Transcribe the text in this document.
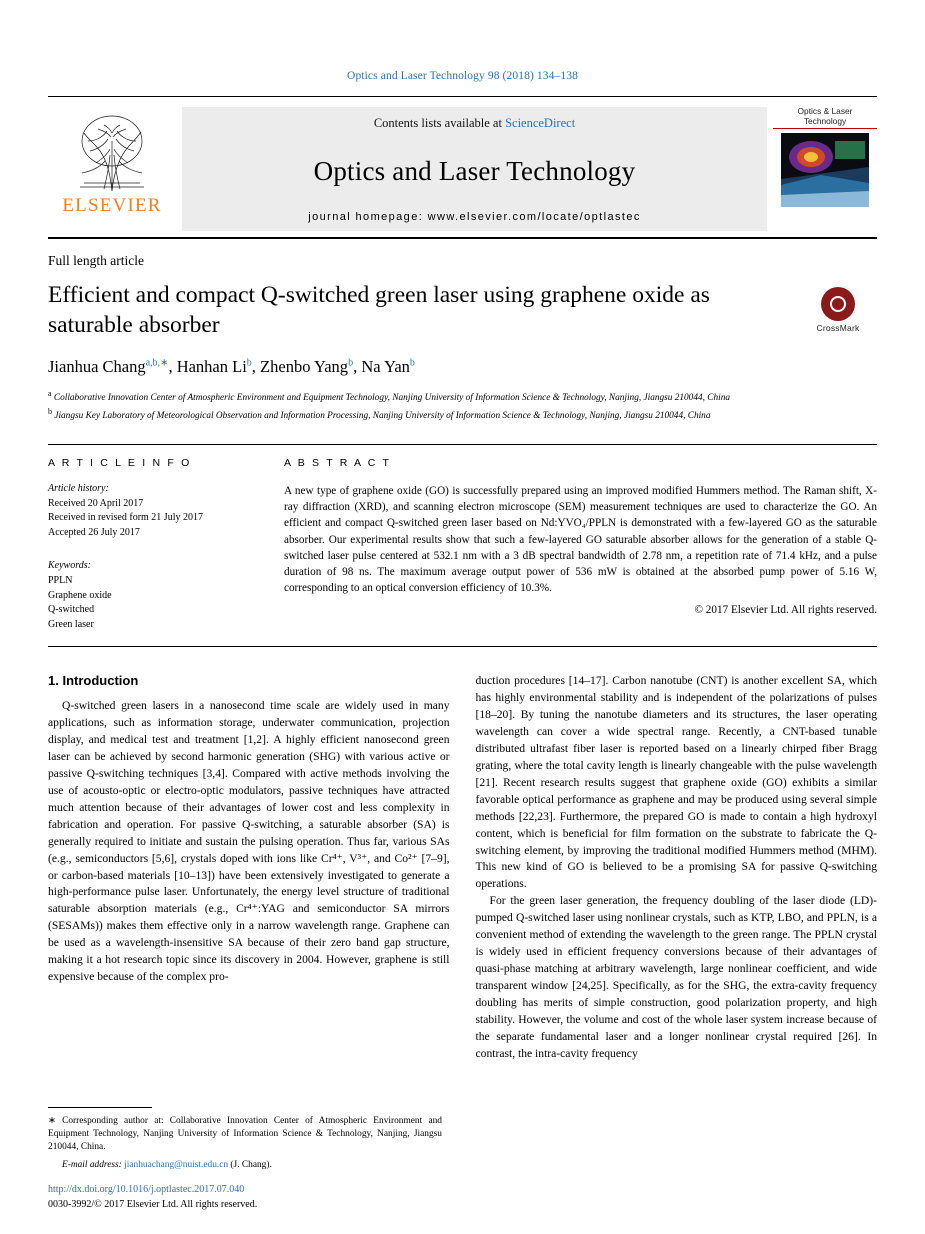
Optics and Laser Technology 98 (2018) 134–138
ELSEVIER
Contents lists available at ScienceDirect
Optics and Laser Technology
journal homepage: www.elsevier.com/locate/optlastec
Optics & Laser
Technology
Full length article
Efficient and compact Q-switched green laser using graphene oxide as saturable absorber	CrossMark
Jianhua Chang$^{a,b,∗}$, Hanhan Li$^b$, Zhenbo Yang$^b$, Na Yan$^b$
$^a$ Collaborative Innovation Center of Atmospheric Environment and Equipment Technology, Nanjing University of Information Science & Technology, Nanjing, Jiangsu 210044, China
$^b$ Jiangsu Key Laboratory of Meteorological Observation and Information Processing, Nanjing University of Information Science & Technology, Nanjing, Jiangsu 210044, China
A R T I C L E I N F O
Article history:
Received 20 April 2017
Received in revised form 21 July 2017
Accepted 26 July 2017
Keywords:
PPLN
Graphene oxide
Q-switched
Green laser
A B S T R A C T
A new type of graphene oxide (GO) is successfully prepared using an improved modified Hummers method. The Raman shift, X-ray diffraction (XRD), and scanning electron microscope (SEM) measurement techniques are used to characterize the GO. An efficient and compact Q-switched green laser based on Nd:YVO₄/PPLN is demonstrated with a few-layered GO as the saturable absorber. Our experimental results show that such a few-layered GO saturable absorber allows for the generation of a stable Q-switched laser pulse centered at 532.1 nm with a 3 dB spectral bandwidth of 2.78 nm, a repetition rate of 71.4 kHz, and a pulse duration of 98 ns. The maximum average output power of 536 mW is obtained at the absorbed pump power of 5.16 W, corresponding to an optical conversion efficiency of 10.3%.
© 2017 Elsevier Ltd. All rights reserved.
1. Introduction

Q-switched green lasers in a nanosecond time scale are widely used in many applications, such as information storage, underwater communication, projection display, and medical test and treatment [1,2]. A highly efficient nanosecond green laser can be achieved by second harmonic generation (SHG) with various active or passive Q-switching techniques [3,4]. Compared with active methods involving the use of acousto-optic or electro-optic modulators, passive techniques have attracted much attention because of their advantages of lower cost and less complexity in fabrication and operation. For passive Q-switching, a saturable absorber (SA) is generally required to initiate and sustain the pulsing operation. Thus far, various SAs (e.g., semiconductors [5,6], crystals doped with ions like Cr⁴⁺, V³⁺, and Co²⁺ [7–9], or carbon-based materials [10–13]) have been extensively investigated to generate a high-performance pulse laser. Unfortunately, the energy level structure of traditional saturable absorption materials (e.g., Cr⁴⁺:YAG and semiconductor SA mirrors (SESAMs)) makes them effective only in a narrow wavelength range. Graphene can be used as a wavelength-insensitive SA because of their zero band gap structure, making it a hot research topic since its discovery in 2004. However, graphene is still expensive because of the complex pro-

duction procedures [14–17]. Carbon nanotube (CNT) is another excellent SA, which has highly environmental stability and is independent of the polarizations of pulses [18–20]. By tuning the nanotube diameters and its structures, the laser operating wavelength can cover a wide spectral range. Recently, a CNT-based tunable distributed ultrafast fiber laser is reported based on a linearly chirped fiber Bragg grating, where the total cavity length is linearly changeable with the pulse wavelength [21]. Recent research results suggest that graphene oxide (GO) exhibits a similar favorable optical performance as graphene and may be produced using several simple methods [22,23]. Furthermore, the prepared GO is made to contain a high hydroxyl content, which is beneficial for film formation on the substrate to fabricate the Q-switching element, by improving the traditional modified Hummers method (MHM). This new kind of GO is believed to be a promising SA for passive Q-switching operations.

For the green laser generation, the frequency doubling of the laser diode (LD)-pumped Q-switched laser using nonlinear crystals, such as KTP, LBO, and PPLN, is a convenient method of extending the wavelength to the green range. The PPLN crystal is widely used in efficient frequency conversions because of their advantages of quasi-phase matching at arbitrary wavelength, large nonlinear coefficient, and wide transparent window [24,25]. Specifically, as for the SHG, the extra-cavity frequency doubling has merits of simple construction, good polarization property, and high stability. However, the volume and cost of the whole laser system increase because of the separate fundamental laser and a longer nonlinear crystal required [26]. In contrast, the intra-cavity frequency

∗ Corresponding author at: Collaborative Innovation Center of Atmospheric Environment and Equipment Technology, Nanjing University of Information Science & Technology, Nanjing, Jiangsu 210044, China.
E-mail address: jianhuachang@nuist.edu.cn (J. Chang).
http://dx.doi.org/10.1016/j.optlastec.2017.07.040
0030-3992/© 2017 Elsevier Ltd. All rights reserved.
